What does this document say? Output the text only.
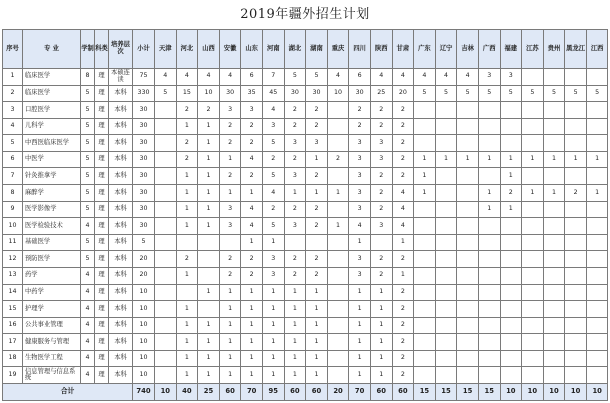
2019年疆外招生计划
序号	专 业	学制	科类	培养层次	小计	天津	河北	山西	安徽	山东	河南	湖北	湖南	重庆	四川	陕西	甘肃	广东	辽宁	吉林	广西	福建	江苏	贵州	黑龙江	江西
1	临床医学	8	理	本硕连读	75	4	4	4	4	6	7	5	5	4	6	4	4	4	4	4	3	3				
2	临床医学	5	理	本科	330	5	15	10	30	35	45	30	30	10	30	25	20	5	5	5	5	5	5	5	5	5
3	口腔医学	5	理	本科	30		2	2	3	3	4	2	2		2	2	2									
4	儿科学	5	理	本科	30		1	1	2	2	3	2	2		2	2	2									
5	中西医临床医学	5	理	本科	30		2	1	2	2	5	3	3		3	3	2									
6	中医学	5	理	本科	30		2	1	1	4	2	2	1	2	3	3	2	1	1	1	1	1	1	1	1	1
7	针灸推拿学	5	理	本科	30		1	1	2	2	5	3	2		3	2	2	1				1				
8	麻醉学	5	理	本科	30		1	1	1	1	4	1	1	1	3	2	4	1			1	2	1	1	2	1
9	医学影像学	5	理	本科	30		1	1	3	4	2	2	2		3	2	4				1	1				
10	医学检验技术	4	理	本科	30		1	1	3	4	5	3	2	1	4	3	4									
11	基础医学	5	理	本科	5					1	1				1		1									
12	预防医学	5	理	本科	20		2		2	2	3	2	2		3	2	2									
13	药学	4	理	本科	20		1		2	2	3	2	2		3	2	1									
14	中药学	4	理	本科	10			1	1	1	1	1	1		1	1	2									
15	护理学	4	理	本科	10		1		1	1	1	1	1		1	1	2									
16	公共事业管理	4	理	本科	10		1	1	1	1	1	1	1		1	1	2									
17	健康服务与管理	4	理	本科	10		1	1	1	1	1	1	1		1	1	2									
18	生物医学工程	4	理	本科	10		1	1	1	1	1	1	1		1	1	2									
19	信息管理与信息系统	4	理	本科	10		1	1	1	1	1	1	1		1	1	2									
合计					740	10	40	25	60	70	95	60	60	20	70	60	60	15	15	15	15	10	10	10	10	10
